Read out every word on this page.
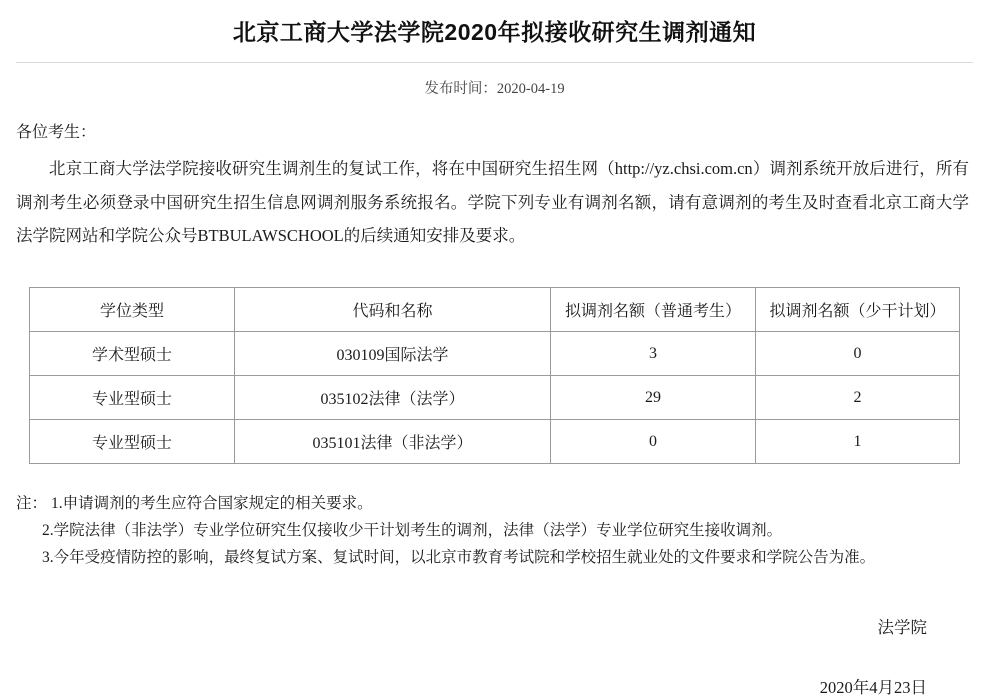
北京工商大学法学院2020年拟接收研究生调剂通知
发布时间：2020-04-19
各位考生：
北京工商大学法学院接收研究生调剂生的复试工作，将在中国研究生招生网（http://yz.chsi.com.cn）调剂系统开放后进行，所有调剂考生必须登录中国研究生招生信息网调剂服务系统报名。学院下列专业有调剂名额，请有意调剂的考生及时查看北京工商大学法学院网站和学院公众号BTBULAWSCHOOL的后续通知安排及要求。
学位类型	代码和名称	拟调剂名额（普通考生）	拟调剂名额（少干计划）
学术型硕士	030109国际法学	3	0
专业型硕士	035102法律（法学）	29	2
专业型硕士	035101法律（非法学）	0	1
注： 1.申请调剂的考生应符合国家规定的相关要求。
2.学院法律（非法学）专业学位研究生仅接收少干计划考生的调剂，法律（法学）专业学位研究生接收调剂。
3.今年受疫情防控的影响，最终复试方案、复试时间，以北京市教育考试院和学校招生就业处的文件要求和学院公告为准。
法学院
2020年4月23日
